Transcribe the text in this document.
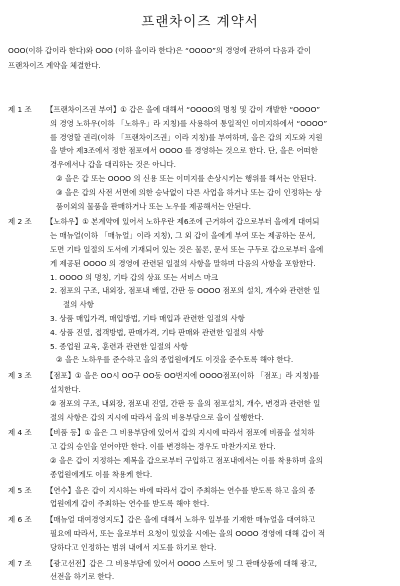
프랜차이즈 계약서
OOO(이하 갑이라 한다)와 OOO (이하 을이라 한다)은 “OOOO”의 경영에 관하여 다음과 같이
프랜차이즈 계약을 체결한다.
제 1 조	【프랜차이즈권 부여】① 갑은 을에 대해서 “OOOO의 명칭 및 갑이 개발한 “OOOO”
의 경영 노하우(이하 「노하우」라 지칭)를 사용하여 통일적인 이미지하에서 “OOOO”
를 경영할 권리(이하 「프랜차이즈권」이라 지칭)를 부여하며, 을은 갑의 지도와 지원
을 받아 제3조에서 정한 점포에서 OOOO 를 경영하는 것으로 한다. 단, 을은 어떠한
경우에서나 갑을 대리하는 것은 아니다.
② 을은 갑 또는 OOOO 의 신용 또는 이미지를 손상시키는 행위를 해서는 안된다.
③ 을은 갑의 사전 서면에 의한 승낙없이 다른 사업을 하거나 또는 갑이 인정하는 상
품이외의 물품을 판매하거나 또는 노우를 제공해서는 안된다.
제 2 조	【노하우】① 본계약에 있어서 노하우란 제6조에 근거하여 갑으로부터 을에게 대여되
는 매뉴얼(이하 「매뉴얼」이라 지칭), 그 외 갑이 을에게 부여 또는 제공하는 문서,
도면 기타 일절의 도서에 기재되어 있는 것은 물론, 문서 또는 구두로 갑으로부터 을에
게 제공된 OOOO 의 경영에 관련된 일절의 사항을 말하며 다음의 사항을 포함한다.
1. OOOO 의 명칭, 기타 갑의 상표 또는 서비스 마크
2. 점포의 구조, 내외장, 점포내 배열, 간판 등 OOOO 점포의 설치, 개수와 관련한 일
절의 사항
3. 상품 매입가격, 매입방법, 기타 매입과 관련한 일절의 사항
4. 상품 진열, 접객방법, 판매가격, 기타 판매와 관련한 일절의 사항
5. 종업원 교육, 훈련과 관련한 일절의 사항
② 을은 노하우를 준수하고 을의 종업원에게도 이것을 준수토록 해야 한다.
제 3 조	【점포】① 을은 OO시 OO구 OO동 OO번지에 OOOO점포(이하 「점포」라 지칭)를
설치한다.
② 점포의 구조, 내외장, 점포내 진열, 간판 등 을의 점포설치, 개수, 변경과 관련한 일
절의 사항은 갑의 지시에 따라서 을의 비용부담으로 을이 실행한다.
제 4 조	【비품 등】① 을은 그 비용부담에 있어서 갑의 지시에 따라서 점포에 비품을 설치하
고 갑의 승인을 얻어야만 한다. 이를 변경하는 경우도 마찬가지로 한다.
② 을은 갑이 지정하는 제복을 갑으로부터 구입하고 점포내에서는 이를 착용하며 을의
종업원에게도 이를 착용케 한다.
제 5 조	【연수】을은 갑이 지시하는 바에 따라서 갑이 주최하는 연수를 받도록 하고 을의 종
업원에게 갑이 주최하는 연수를 받도록 해야 한다.
제 6 조	【매뉴얼 대여경영지도】갑은 을에 대해서 노하우 일부를 기재한 매뉴얼을 대여하고
필요에 따라서, 또는 을로부터 요청이 있었을 시에는 을의 OOOO 경영에 대해 갑이 적
당하다고 인정하는 범위 내에서 지도를 하기로 한다.
제 7 조	【광고선전】갑은 그 비용부담에 있어서 OOOO 스토어 및 그 판매상품에 대해 광고,
선전을 하기로 한다.
